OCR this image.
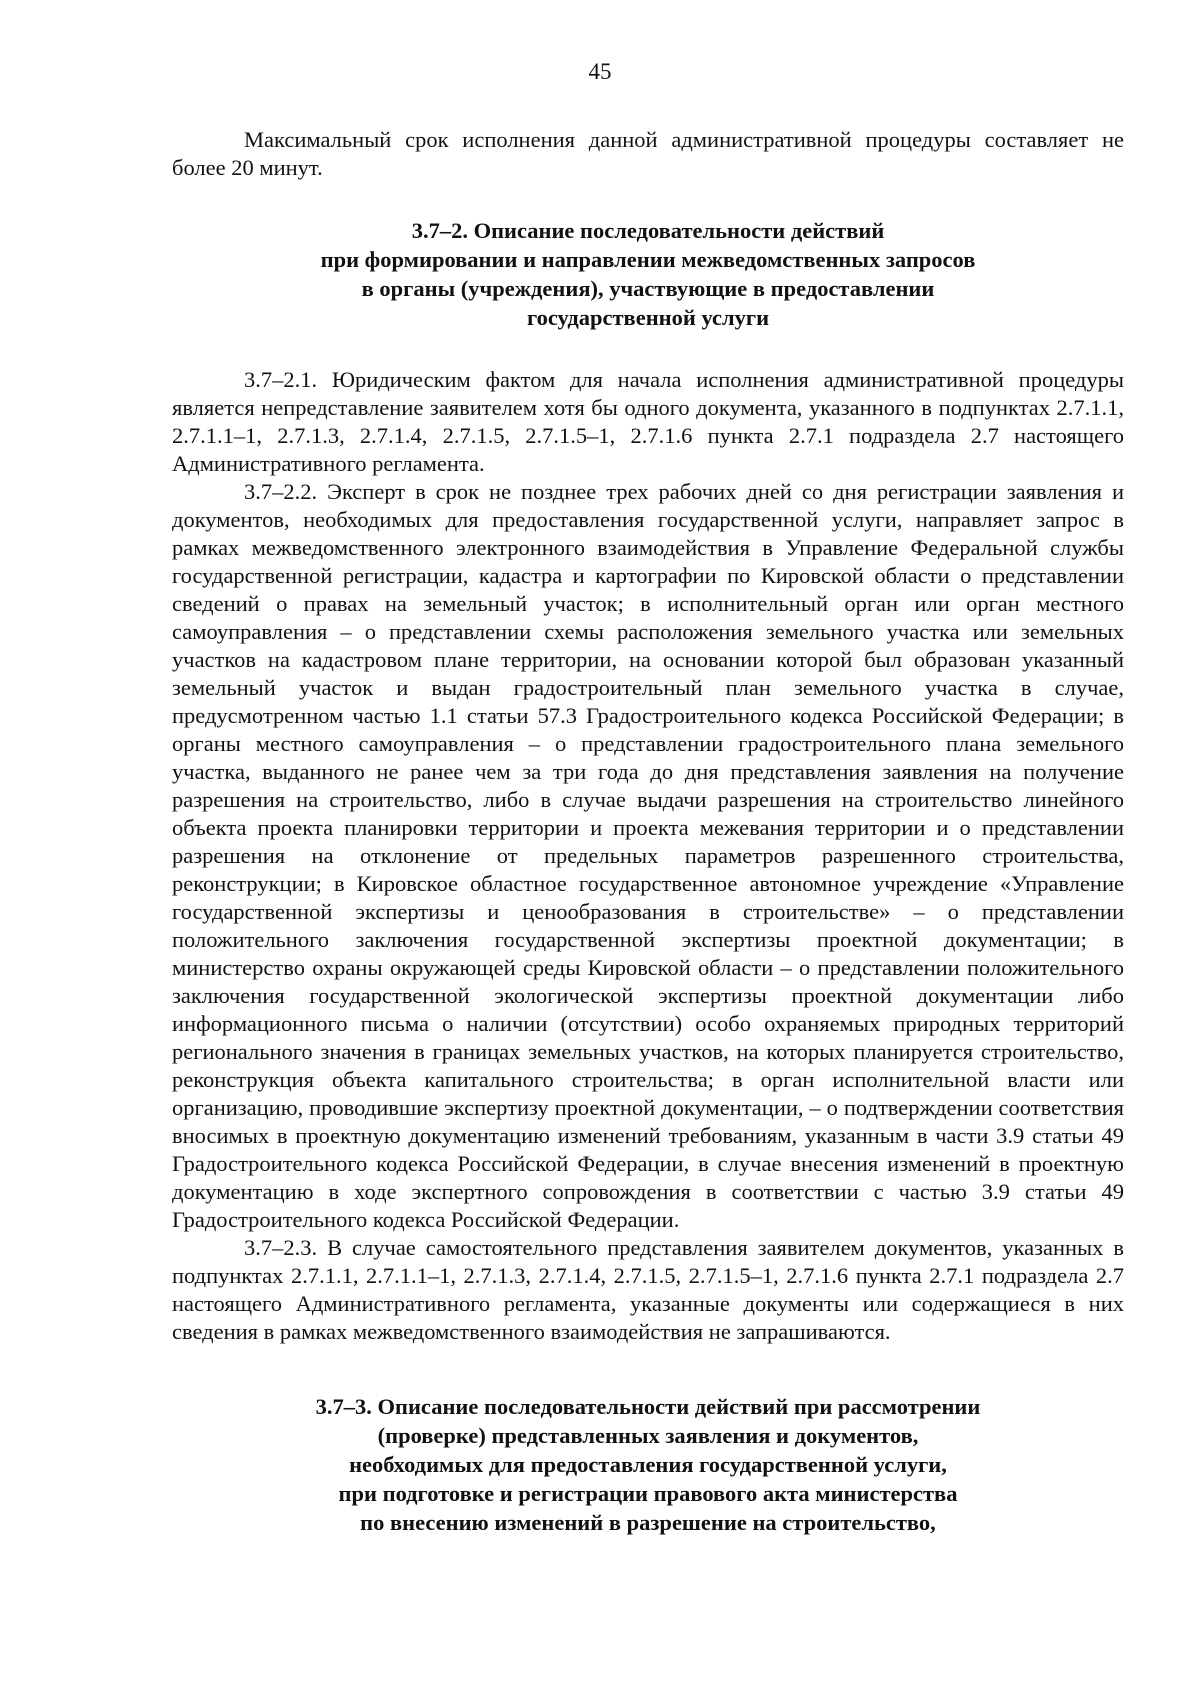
45

Максимальный срок исполнения данной административной процедуры составляет не более 20 минут.

3.7–2. Описание последовательности действий
при формировании и направлении межведомственных запросов
в органы (учреждения), участвующие в предоставлении
государственной услуги

3.7–2.1. Юридическим фактом для начала исполнения административной процедуры является непредставление заявителем хотя бы одного документа, указанного в подпунктах 2.7.1.1, 2.7.1.1–1, 2.7.1.3, 2.7.1.4, 2.7.1.5, 2.7.1.5–1, 2.7.1.6 пункта 2.7.1 подраздела 2.7 настоящего Административного регламента.

3.7–2.2. Эксперт в срок не позднее трех рабочих дней со дня регистрации заявления и документов, необходимых для предоставления государственной услуги, направляет запрос в рамках межведомственного электронного взаимодействия в Управление Федеральной службы государственной регистрации, кадастра и картографии по Кировской области о представлении сведений о правах на земельный участок; в исполнительный орган или орган местного самоуправления – о представлении схемы расположения земельного участка или земельных участков на кадастровом плане территории, на основании которой был образован указанный земельный участок и выдан градостроительный план земельного участка в случае, предусмотренном частью 1.1 статьи 57.3 Градостроительного кодекса Российской Федерации; в органы местного самоуправления – о представлении градостроительного плана земельного участка, выданного не ранее чем за три года до дня представления заявления на получение разрешения на строительство, либо в случае выдачи разрешения на строительство линейного объекта проекта планировки территории и проекта межевания территории и о представлении разрешения на отклонение от предельных параметров разрешенного строительства, реконструкции; в Кировское областное государственное автономное учреждение «Управление государственной экспертизы и ценообразования в строительстве» – о представлении положительного заключения государственной экспертизы проектной документации; в министерство охраны окружающей среды Кировской области – о представлении положительного заключения государственной экологической экспертизы проектной документации либо информационного письма о наличии (отсутствии) особо охраняемых природных территорий регионального значения в границах земельных участков, на которых планируется строительство, реконструкция объекта капитального строительства; в орган исполнительной власти или организацию, проводившие экспертизу проектной документации, – о подтверждении соответствия вносимых в проектную документацию изменений требованиям, указанным в части 3.9 статьи 49 Градостроительного кодекса Российской Федерации, в случае внесения изменений в проектную документацию в ходе экспертного сопровождения в соответствии с частью 3.9 статьи 49 Градостроительного кодекса Российской Федерации.

3.7–2.3. В случае самостоятельного представления заявителем документов, указанных в подпунктах 2.7.1.1, 2.7.1.1–1, 2.7.1.3, 2.7.1.4, 2.7.1.5, 2.7.1.5–1, 2.7.1.6 пункта 2.7.1 подраздела 2.7 настоящего Административного регламента, указанные документы или содержащиеся в них сведения в рамках межведомственного взаимодействия не запрашиваются.

3.7–3. Описание последовательности действий при рассмотрении
(проверке) представленных заявления и документов,
необходимых для предоставления государственной услуги,
при подготовке и регистрации правового акта министерства
по внесению изменений в разрешение на строительство,
